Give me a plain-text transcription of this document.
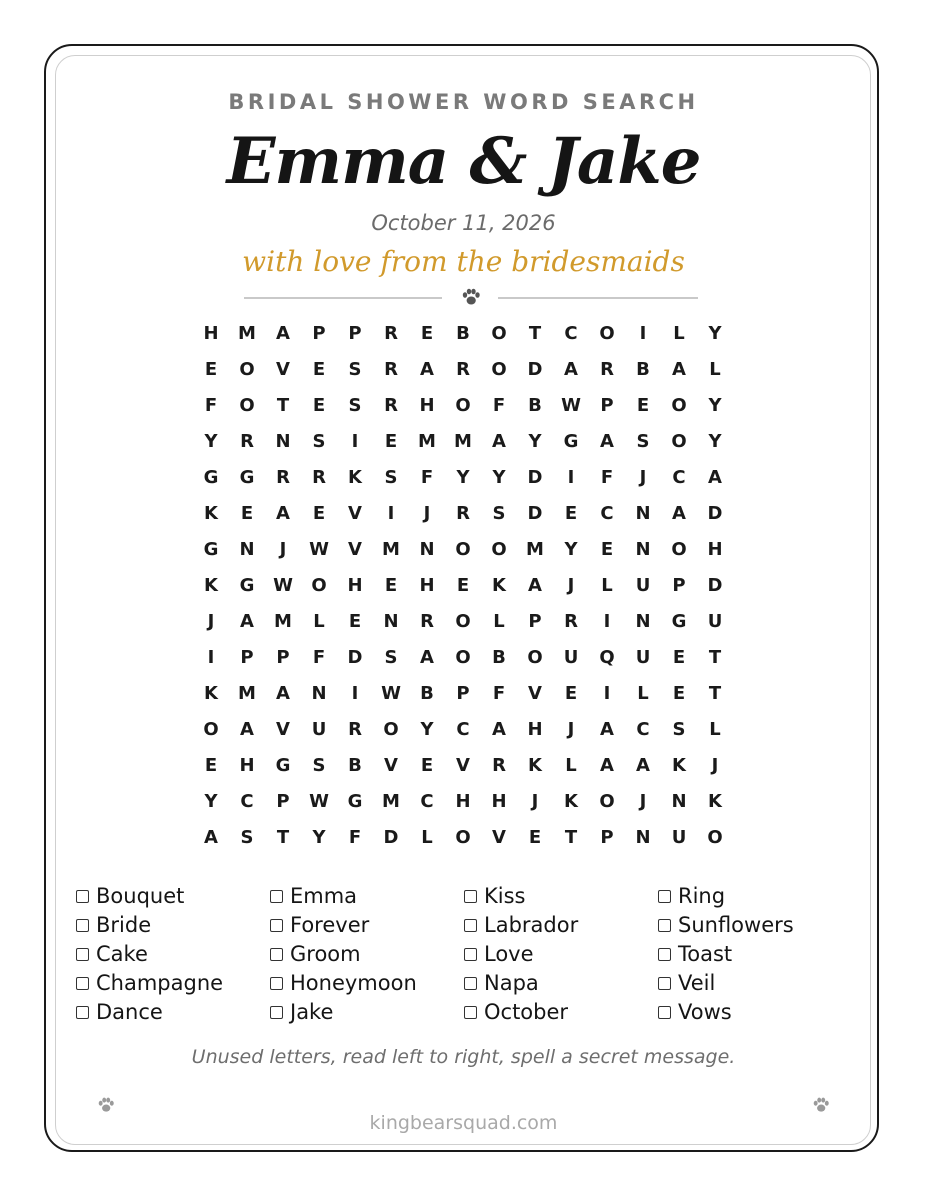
BRIDAL SHOWER WORD SEARCH
Emma & Jake
October 11, 2026
with love from the bridesmaids
H	M	A	P	P	R	E	B	O	T	C	O	I	L	Y
E	O	V	E	S	R	A	R	O	D	A	R	B	A	L
F	O	T	E	S	R	H	O	F	B	W	P	E	O	Y
Y	R	N	S	I	E	M	M	A	Y	G	A	S	O	Y
G	G	R	R	K	S	F	Y	Y	D	I	F	J	C	A
K	E	A	E	V	I	J	R	S	D	E	C	N	A	D
G	N	J	W	V	M	N	O	O	M	Y	E	N	O	H
K	G	W	O	H	E	H	E	K	A	J	L	U	P	D
J	A	M	L	E	N	R	O	L	P	R	I	N	G	U
I	P	P	F	D	S	A	O	B	O	U	Q	U	E	T
K	M	A	N	I	W	B	P	F	V	E	I	L	E	T
O	A	V	U	R	O	Y	C	A	H	J	A	C	S	L
E	H	G	S	B	V	E	V	R	K	L	A	A	K	J
Y	C	P	W	G	M	C	H	H	J	K	O	J	N	K
A	S	T	Y	F	D	L	O	V	E	T	P	N	U	O
Bouquet
Bride
Cake
Champagne
Dance
Emma
Forever
Groom
Honeymoon
Jake
Kiss
Labrador
Love
Napa
October
Ring
Sunflowers
Toast
Veil
Vows
Unused letters, read left to right, spell a secret message.
kingbearsquad.com
